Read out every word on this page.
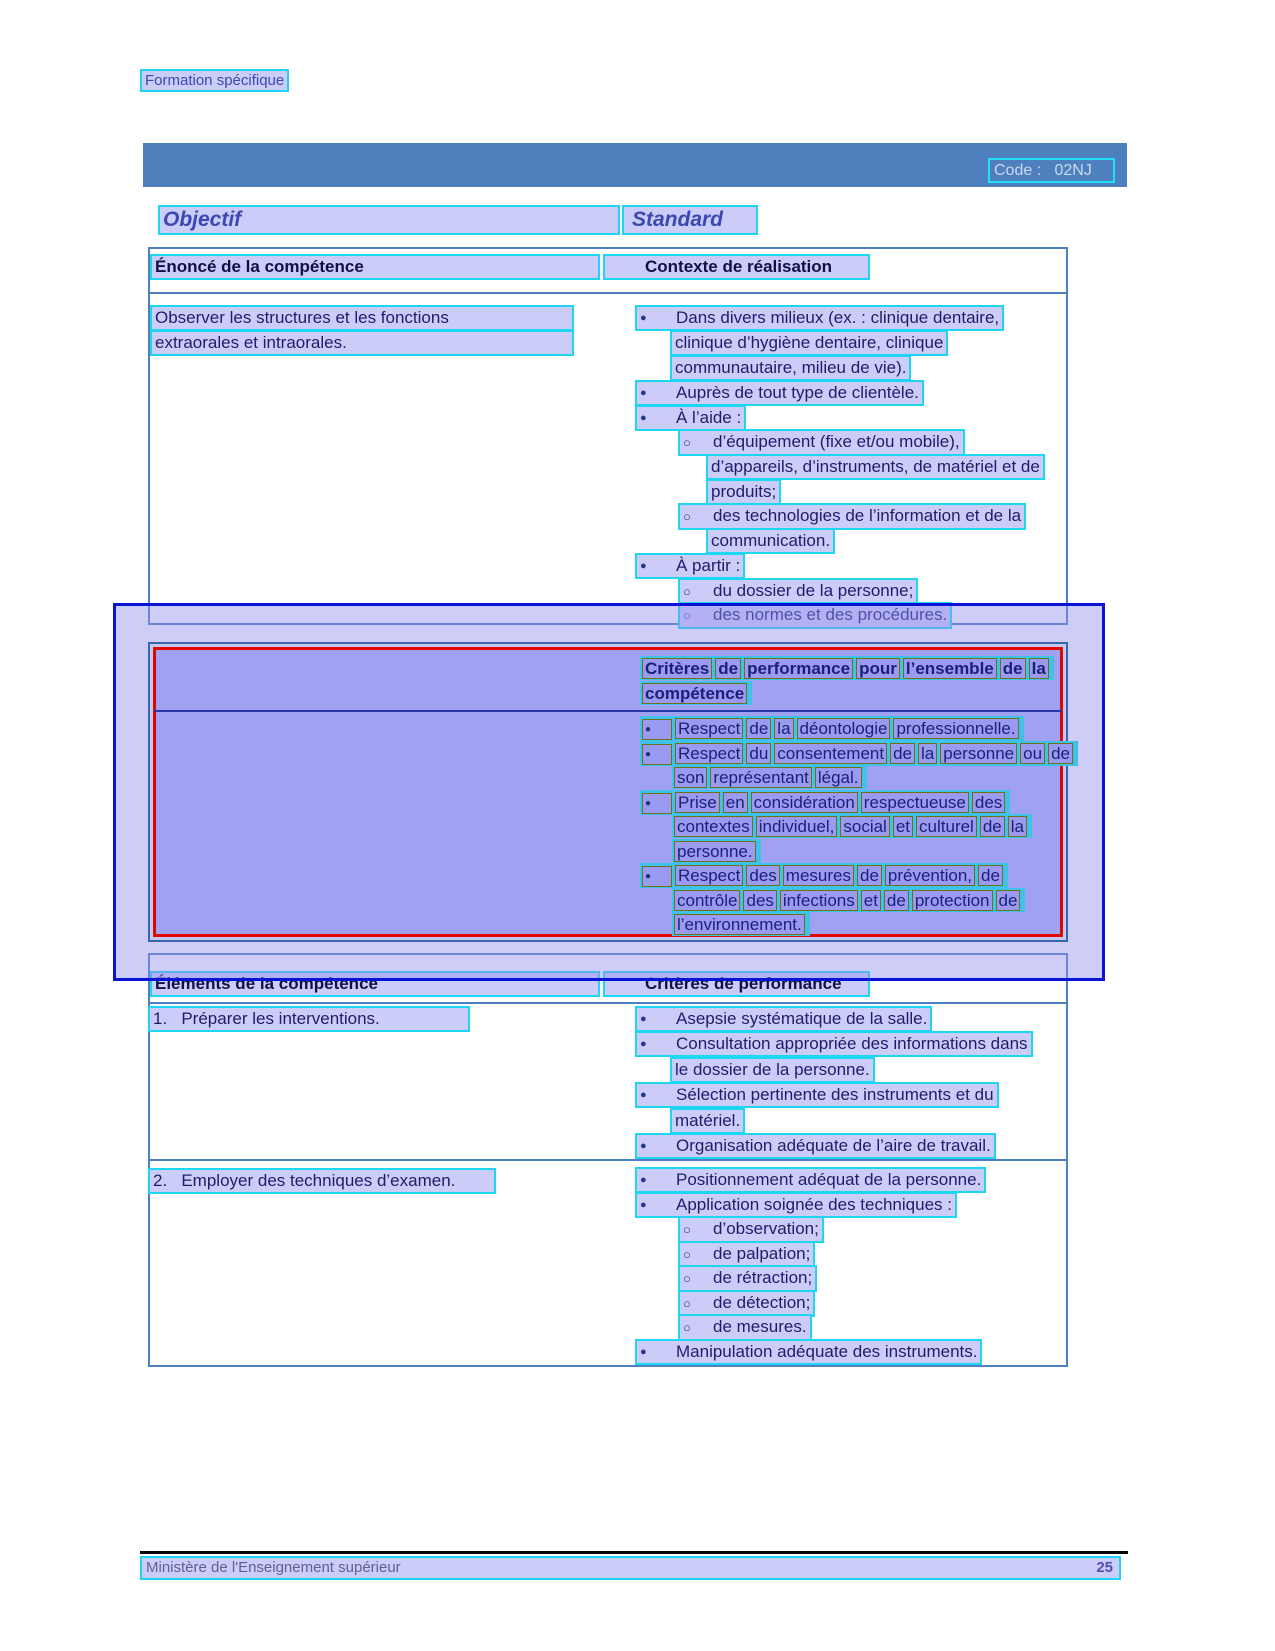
Formation spécifique
Code :   02NJ
Objectif	Standard
Énoncé de la compétence	Contexte de réalisation
Observer les structures et les fonctions
extraorales et intraorales.
● Dans divers milieux (ex. : clinique dentaire,
clinique d’hygiène dentaire, clinique
communautaire, milieu de vie).
● Auprès de tout type de clientèle.
● À l’aide :
○ d’équipement (fixe et/ou mobile),
d’appareils, d’instruments, de matériel et de
produits;
○ des technologies de l’information et de la
communication.
● À partir :
○ du dossier de la personne;
○ des normes et des procédures.
Critères de performance pour l’ensemble de la
compétence
● Respect de la déontologie professionnelle.
● Respect du consentement de la personne ou de
son représentant légal.
● Prise en considération respectueuse des
contextes individuel, social et culturel de la
personne.
● Respect des mesures de prévention, de
contrôle des infections et de protection de
l’environnement.
Éléments de la compétence	Critères de performance
1.   Préparer les interventions.	● Asepsie systématique de la salle.
● Consultation appropriée des informations dans
le dossier de la personne.
● Sélection pertinente des instruments et du
matériel.
● Organisation adéquate de l’aire de travail.
2.   Employer des techniques d’examen.	● Positionnement adéquat de la personne.
● Application soignée des techniques :
○ d’observation;
○ de palpation;
○ de rétraction;
○ de détection;
○ de mesures.
● Manipulation adéquate des instruments.
Ministère de l'Enseignement supérieur	25
